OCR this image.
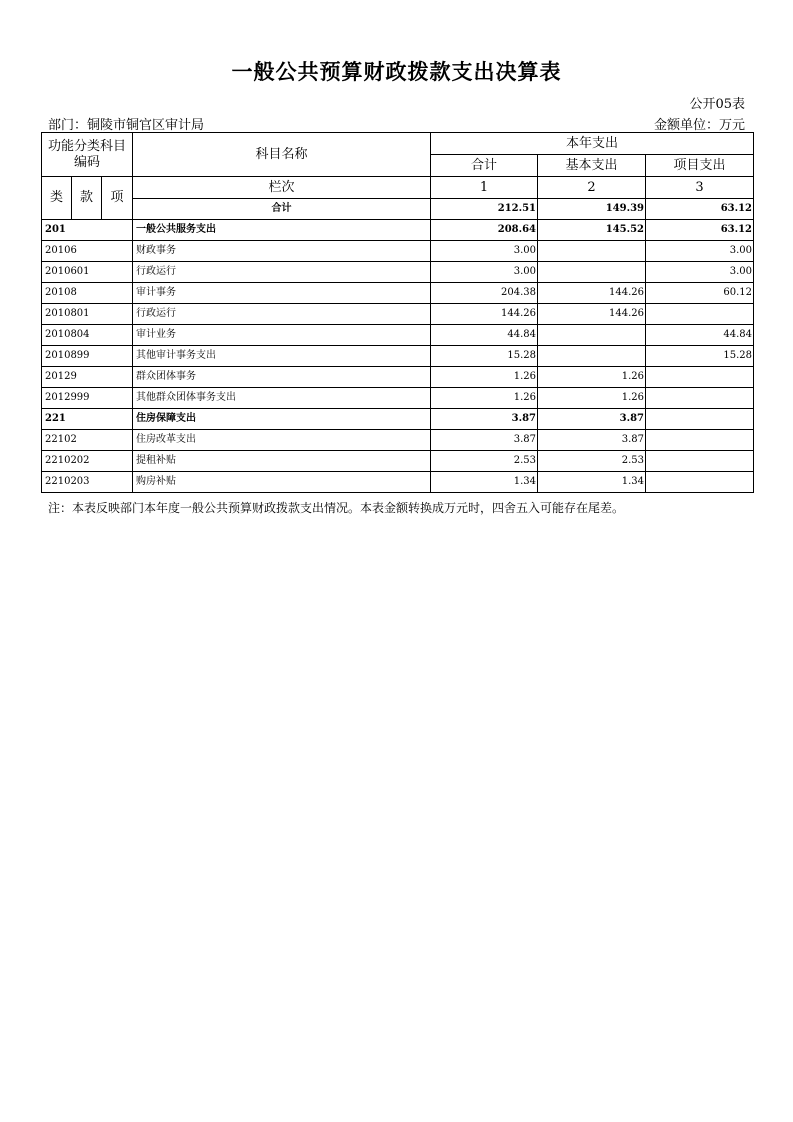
一般公共预算财政拨款支出决算表
公开05表
部门：铜陵市铜官区审计局	金额单位：万元
功能分类科目编码			科目名称	本年支出		
				合计	基本支出	项目支出
类	款	项	栏次	1	2	3
			合计	212.51	149.39	63.12
201			一般公共服务支出	208.64	145.52	63.12
20106			财政事务	3.00		3.00
2010601			行政运行	3.00		3.00
20108			审计事务	204.38	144.26	60.12
2010801			行政运行	144.26	144.26	
2010804			审计业务	44.84		44.84
2010899			其他审计事务支出	15.28		15.28
20129			群众团体事务	1.26	1.26	
2012999			其他群众团体事务支出	1.26	1.26	
221			住房保障支出	3.87	3.87	
22102			住房改革支出	3.87	3.87	
2210202			提租补贴	2.53	2.53	
2210203			购房补贴	1.34	1.34	
注：本表反映部门本年度一般公共预算财政拨款支出情况。本表金额转换成万元时，四舍五入可能存在尾差。
